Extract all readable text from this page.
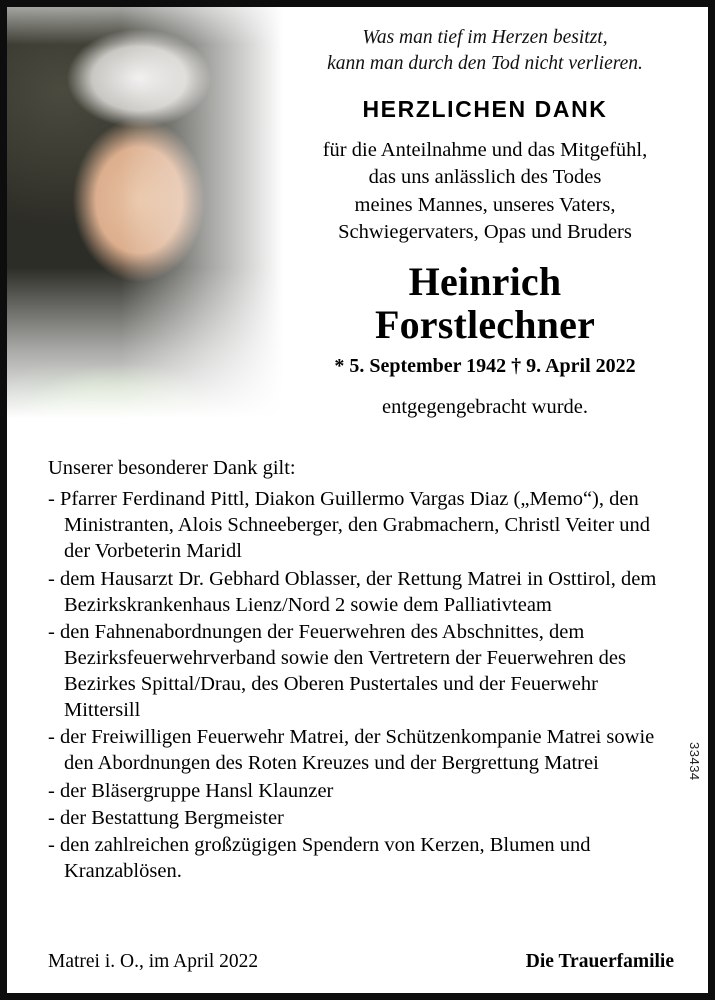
Was man tief im Herzen besitzt,
kann man durch den Tod nicht verlieren.
HERZLICHEN DANK
für die Anteilnahme und das Mitgefühl,
das uns anlässlich des Todes
meines Mannes, unseres Vaters,
Schwiegervaters, Opas und Bruders
Heinrich
Forstlechner
* 5. September 1942 † 9. April 2022
entgegengebracht wurde.
Unserer besonderer Dank gilt:
- Pfarrer Ferdinand Pittl, Diakon Guillermo Vargas Diaz („Memo“), den Ministranten, Alois Schneeberger, den Grabmachern, Christl Veiter und der Vorbeterin Maridl
- dem Hausarzt Dr. Gebhard Oblasser, der Rettung Matrei in Osttirol, dem Bezirkskrankenhaus Lienz/Nord 2 sowie dem Palliativteam
- den Fahnenabordnungen der Feuerwehren des Abschnittes, dem Bezirksfeuerwehrverband sowie den Vertretern der Feuerwehren des Bezirkes Spittal/Drau, des Oberen Pustertales und der Feuerwehr Mittersill
- der Freiwilligen Feuerwehr Matrei, der Schützenkompanie Matrei sowie den Abordnungen des Roten Kreuzes und der Bergrettung Matrei
- der Bläsergruppe Hansl Klaunzer
- der Bestattung Bergmeister
- den zahlreichen großzügigen Spendern von Kerzen, Blumen und Kranzablösen.
33434
Matrei i. O., im April 2022	Die Trauerfamilie
